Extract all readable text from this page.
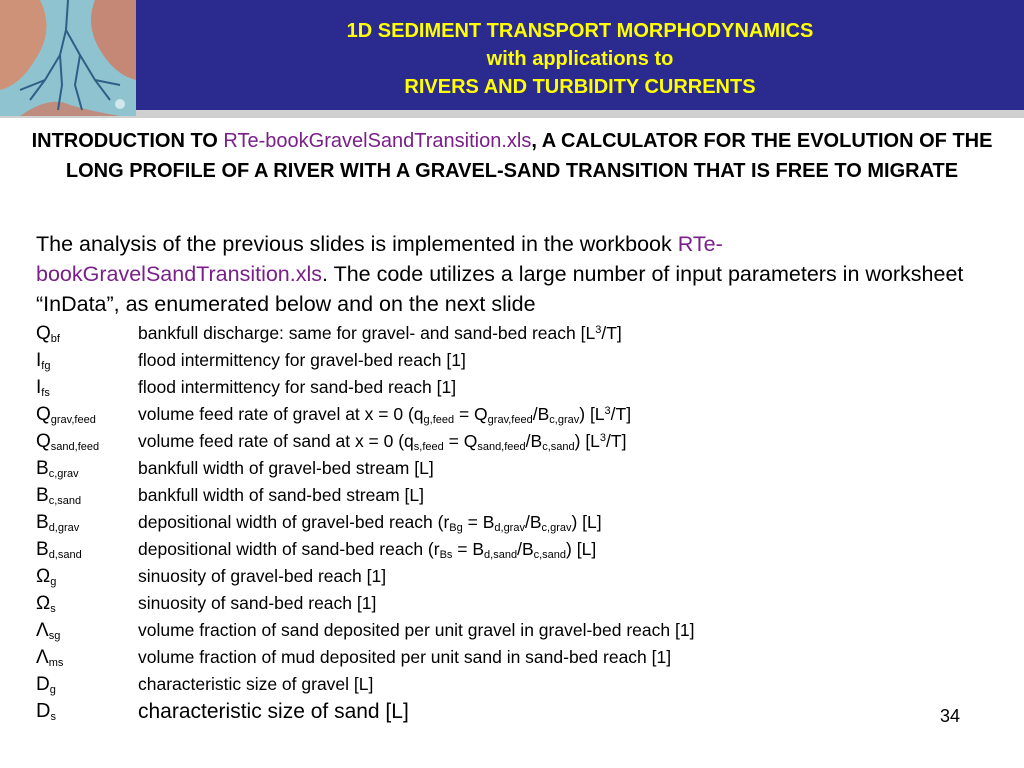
1D SEDIMENT TRANSPORT MORPHODYNAMICS
with applications to
RIVERS AND TURBIDITY CURRENTS
INTRODUCTION TO RTe-bookGravelSandTransition.xls, A CALCULATOR FOR THE EVOLUTION OF THE LONG PROFILE OF A RIVER WITH A GRAVEL-SAND TRANSITION THAT IS FREE TO MIGRATE
The analysis of the previous slides is implemented in the workbook RTe-bookGravelSandTransition.xls. The code utilizes a large number of input parameters in worksheet “InData”, as enumerated below and on the next slide
$Q_{bf}$	bankfull discharge: same for gravel- and sand-bed reach $[L^3/T]$
$I_{fg}$	flood intermittency for gravel-bed reach [1]
$I_{fs}$	flood intermittency for sand-bed reach [1]
$Q_{grav,feed}$	volume feed rate of gravel at x = 0 $(q_{g,feed} = Q_{grav,feed}/B_{c,grav})$ $[L^3/T]$
$Q_{sand,feed}$	volume feed rate of sand at x = 0 $(q_{s,feed} = Q_{sand,feed}/B_{c,sand})$ $[L^3/T]$
$B_{c,grav}$	bankfull width of gravel-bed stream [L]
$B_{c,sand}$	bankfull width of sand-bed stream [L]
$B_{d,grav}$	depositional width of gravel-bed reach $(r_{Bg} = B_{d,grav}/B_{c,grav})$ [L]
$B_{d,sand}$	depositional width of sand-bed reach $(r_{Bs} = B_{d,sand}/B_{c,sand})$ [L]
$\Omega_g$	sinuosity of gravel-bed reach [1]
$\Omega_s$	sinuosity of sand-bed reach [1]
$\Lambda_{sg}$	volume fraction of sand deposited per unit gravel in gravel-bed reach [1]
$\Lambda_{ms}$	volume fraction of mud deposited per unit sand in sand-bed reach [1]
$D_g$	characteristic size of gravel [L]
$D_s$	characteristic size of sand [L]	34
